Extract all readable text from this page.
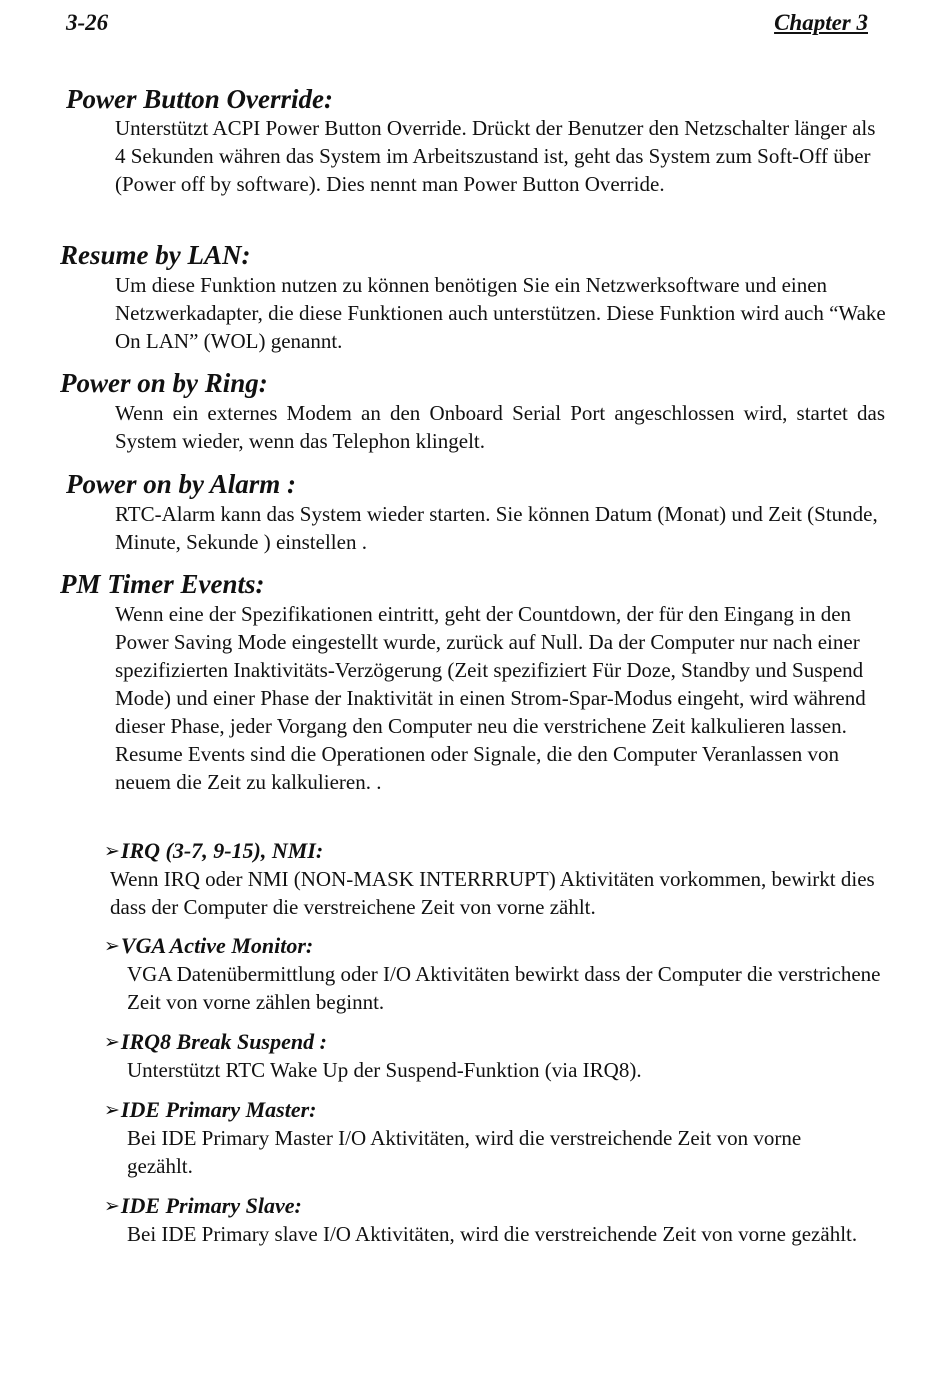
3-26	Chapter 3
Power Button Override:
Unterstützt ACPI Power Button Override. Drückt der Benutzer den Netzschalter länger als 4 Sekunden währen das System im Arbeitszustand ist, geht das System zum Soft-Off über (Power off by software). Dies nennt man Power Button Override.
Resume by LAN:
Um diese Funktion nutzen zu können benötigen Sie ein Netzwerksoftware und einen Netzwerkadapter, die diese Funktionen auch unterstützen. Diese Funktion wird auch “Wake On LAN” (WOL) genannt.
Power on by Ring:
Wenn ein externes Modem an den Onboard Serial Port angeschlossen wird, startet das System wieder, wenn das Telephon klingelt.
Power on by Alarm :
RTC-Alarm kann das System wieder starten. Sie können Datum (Monat) und Zeit (Stunde, Minute, Sekunde ) einstellen .
PM Timer Events:
Wenn eine der Spezifikationen eintritt, geht der Countdown, der für den Eingang in den Power Saving Mode eingestellt wurde, zurück auf Null. Da der Computer nur nach einer spezifizierten Inaktivitäts-Verzögerung (Zeit spezifiziert Für Doze, Standby und Suspend Mode) und einer Phase der Inaktivität in einen Strom-Spar-Modus eingeht, wird während dieser Phase, jeder Vorgang den Computer neu die verstrichene Zeit kalkulieren lassen. Resume Events sind die Operationen oder Signale, die den Computer Veranlassen von neuem die Zeit zu kalkulieren. .
➢IRQ (3-7, 9-15), NMI:
Wenn IRQ oder NMI (NON-MASK INTERRRUPT) Aktivitäten vorkommen, bewirkt dies dass der Computer die verstreichene Zeit von vorne zählt.
➢VGA Active Monitor:
VGA Datenübermittlung oder I/O Aktivitäten bewirkt dass der Computer die verstrichene Zeit von vorne zählen beginnt.
➢IRQ8 Break Suspend :
Unterstützt RTC Wake Up der Suspend-Funktion (via IRQ8).
➢IDE Primary Master:
Bei IDE Primary Master I/O Aktivitäten, wird die verstreichende Zeit von vorne gezählt.
➢IDE Primary Slave:
Bei IDE Primary slave I/O Aktivitäten, wird die verstreichende Zeit von vorne gezählt.
